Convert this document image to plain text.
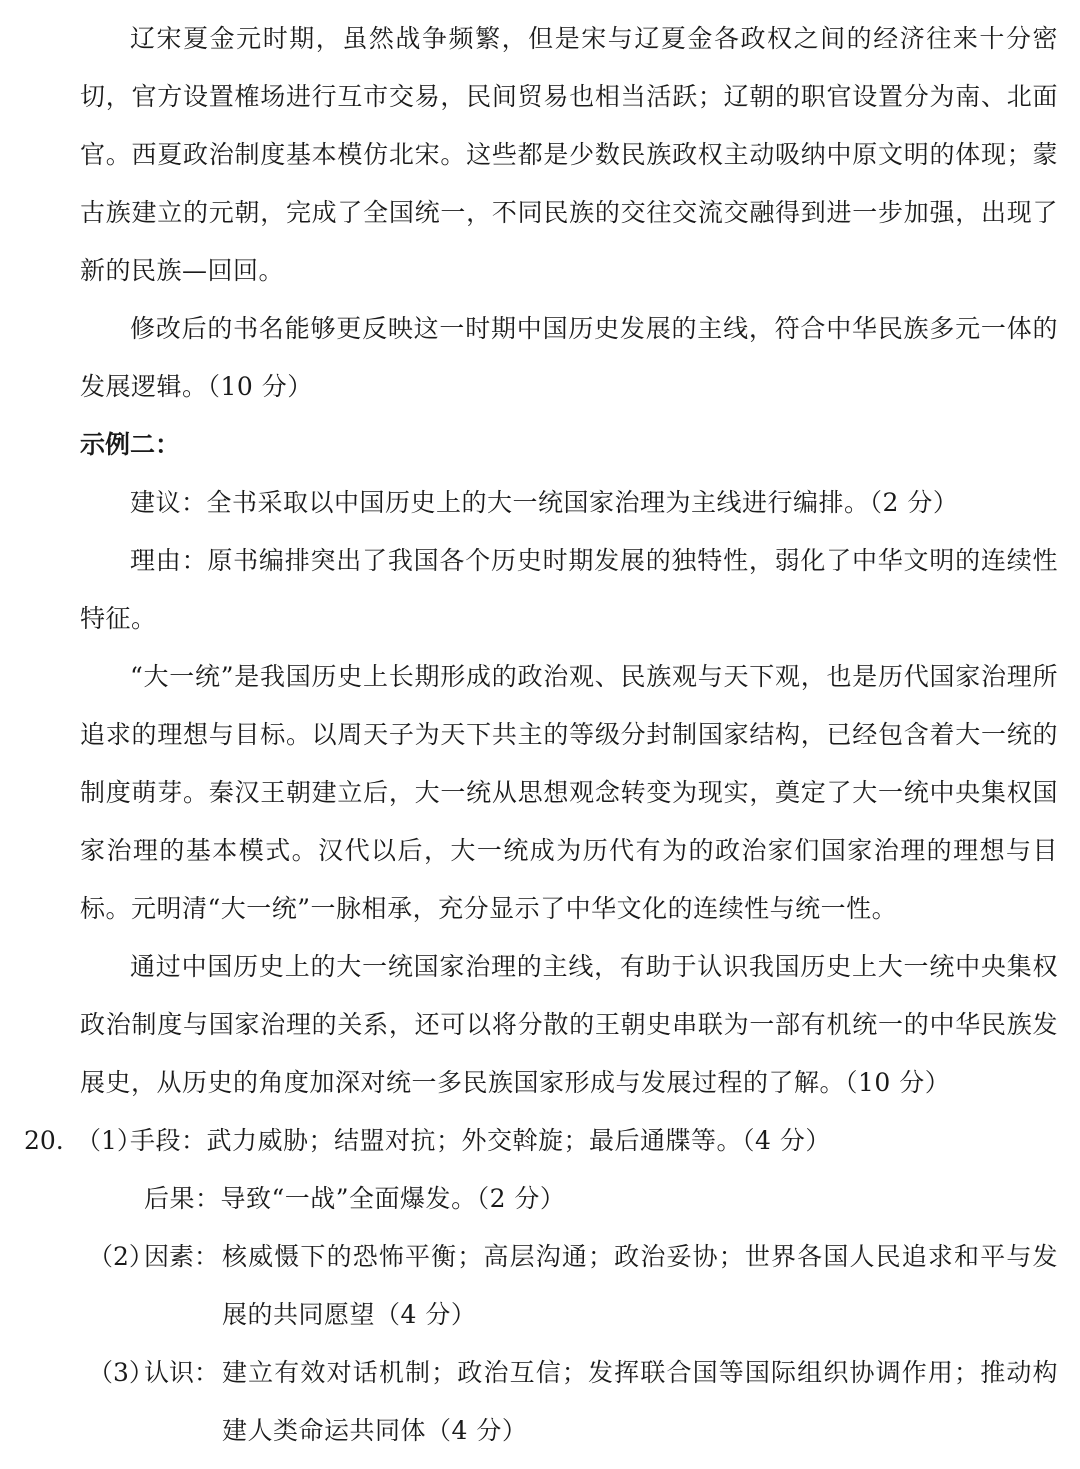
辽宋夏金元时期，虽然战争频繁，但是宋与辽夏金各政权之间的经济往来十分密切，官方设置榷场进行互市交易，民间贸易也相当活跃；辽朝的职官设置分为南、北面官。西夏政治制度基本模仿北宋。这些都是少数民族政权主动吸纳中原文明的体现；蒙古族建立的元朝，完成了全国统一，不同民族的交往交流交融得到进一步加强，出现了新的民族—回回。

修改后的书名能够更反映这一时期中国历史发展的主线，符合中华民族多元一体的发展逻辑。（10 分）

示例二：

建议：全书采取以中国历史上的大一统国家治理为主线进行编排。（2 分）

理由：原书编排突出了我国各个历史时期发展的独特性，弱化了中华文明的连续性特征。

“大一统”是我国历史上长期形成的政治观、民族观与天下观，也是历代国家治理所追求的理想与目标。以周天子为天下共主的等级分封制国家结构，已经包含着大一统的制度萌芽。秦汉王朝建立后，大一统从思想观念转变为现实，奠定了大一统中央集权国家治理的基本模式。汉代以后，大一统成为历代有为的政治家们国家治理的理想与目标。元明清“大一统”一脉相承，充分显示了中华文化的连续性与统一性。

通过中国历史上的大一统国家治理的主线，有助于认识我国历史上大一统中央集权政治制度与国家治理的关系，还可以将分散的王朝史串联为一部有机统一的中华民族发展史，从历史的角度加深对统一多民族国家形成与发展过程的了解。（10 分）

20. （1）

手段：武力威胁；结盟对抗；外交斡旋；最后通牒等。（4 分）

后果：导致“一战”全面爆发。（2 分）

（2）

因素： 核威慑下的恐怖平衡；高层沟通；政治妥协；世界各国人民追求和平与发展的共同愿望（4 分）

（3）

认识： 建立有效对话机制；政治互信；发挥联合国等国际组织协调作用；推动构建人类命运共同体（4 分）
